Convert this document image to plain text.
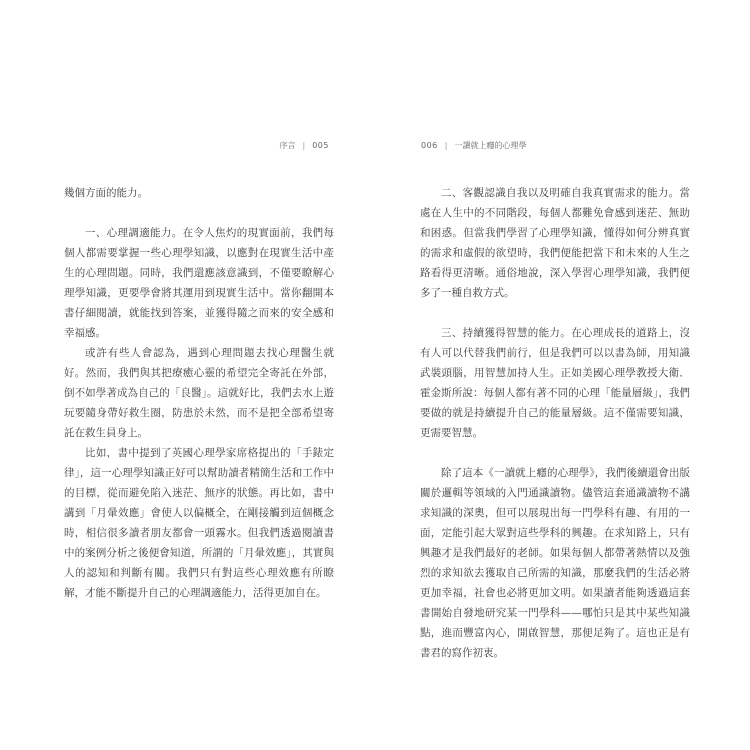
序言 | 005

幾個方面的能力。

一、心理調適能力。在令人焦灼的現實面前，我們每個人都需要掌握一些心理學知識，以應對在現實生活中產生的心理問題。同時，我們還應該意識到，不僅要瞭解心理學知識，更要學會將其運用到現實生活中。當你翻開本書仔細閱讀，就能找到答案，並獲得隨之而來的安全感和幸福感。

或許有些人會認為，遇到心理問題去找心理醫生就好。然而，我們與其把療癒心靈的希望完全寄託在外部，倒不如學著成為自己的「良醫」。這就好比，我們去水上遊玩要隨身帶好救生圈，防患於未然，而不是把全部希望寄託在救生員身上。

比如，書中提到了英國心理學家席格提出的「手錶定律」，這一心理學知識正好可以幫助讀者精簡生活和工作中的目標，從而避免陷入迷茫、無序的狀態。再比如，書中講到「月暈效應」會使人以偏概全，在剛接觸到這個概念時，相信很多讀者朋友都會一頭霧水。但我們透過閱讀書中的案例分析之後便會知道，所謂的「月暈效應」，其實與人的認知和判斷有關。我們只有對這些心理效應有所瞭解，才能不斷提升自己的心理調適能力，活得更加自在。

006 | 一讀就上癮的心理學

二、客觀認識自我以及明確自我真實需求的能力。當處在人生中的不同階段，每個人都難免會感到迷茫、無助和困惑。但當我們學習了心理學知識，懂得如何分辨真實的需求和虛假的欲望時，我們便能把當下和未來的人生之路看得更清晰。通俗地說，深入學習心理學知識，我們便多了一種自救方式。

三、持續獲得智慧的能力。在心理成長的道路上，沒有人可以代替我們前行，但是我們可以以書為師，用知識武裝頭腦，用智慧加持人生。正如美國心理學教授大衛．霍金斯所說：每個人都有著不同的心理「能量層級」，我們要做的就是持續提升自己的能量層級。這不僅需要知識，更需要智慧。

除了這本《一讀就上癮的心理學》，我們後續還會出版關於邏輯等領域的入門通識讀物。儘管這套通識讀物不講求知識的深奧，但可以展現出每一門學科有趣、有用的一面，定能引起大眾對這些學科的興趣。在求知路上，只有興趣才是我們最好的老師。如果每個人都帶著熱情以及強烈的求知欲去獲取自己所需的知識，那麼我們的生活必將更加幸福，社會也必將更加文明。如果讀者能夠透過這套書開始自發地研究某一門學科——哪怕只是其中某些知識點，進而豐富內心，開啟智慧，那便足夠了。這也正是有書君的寫作初衷。
